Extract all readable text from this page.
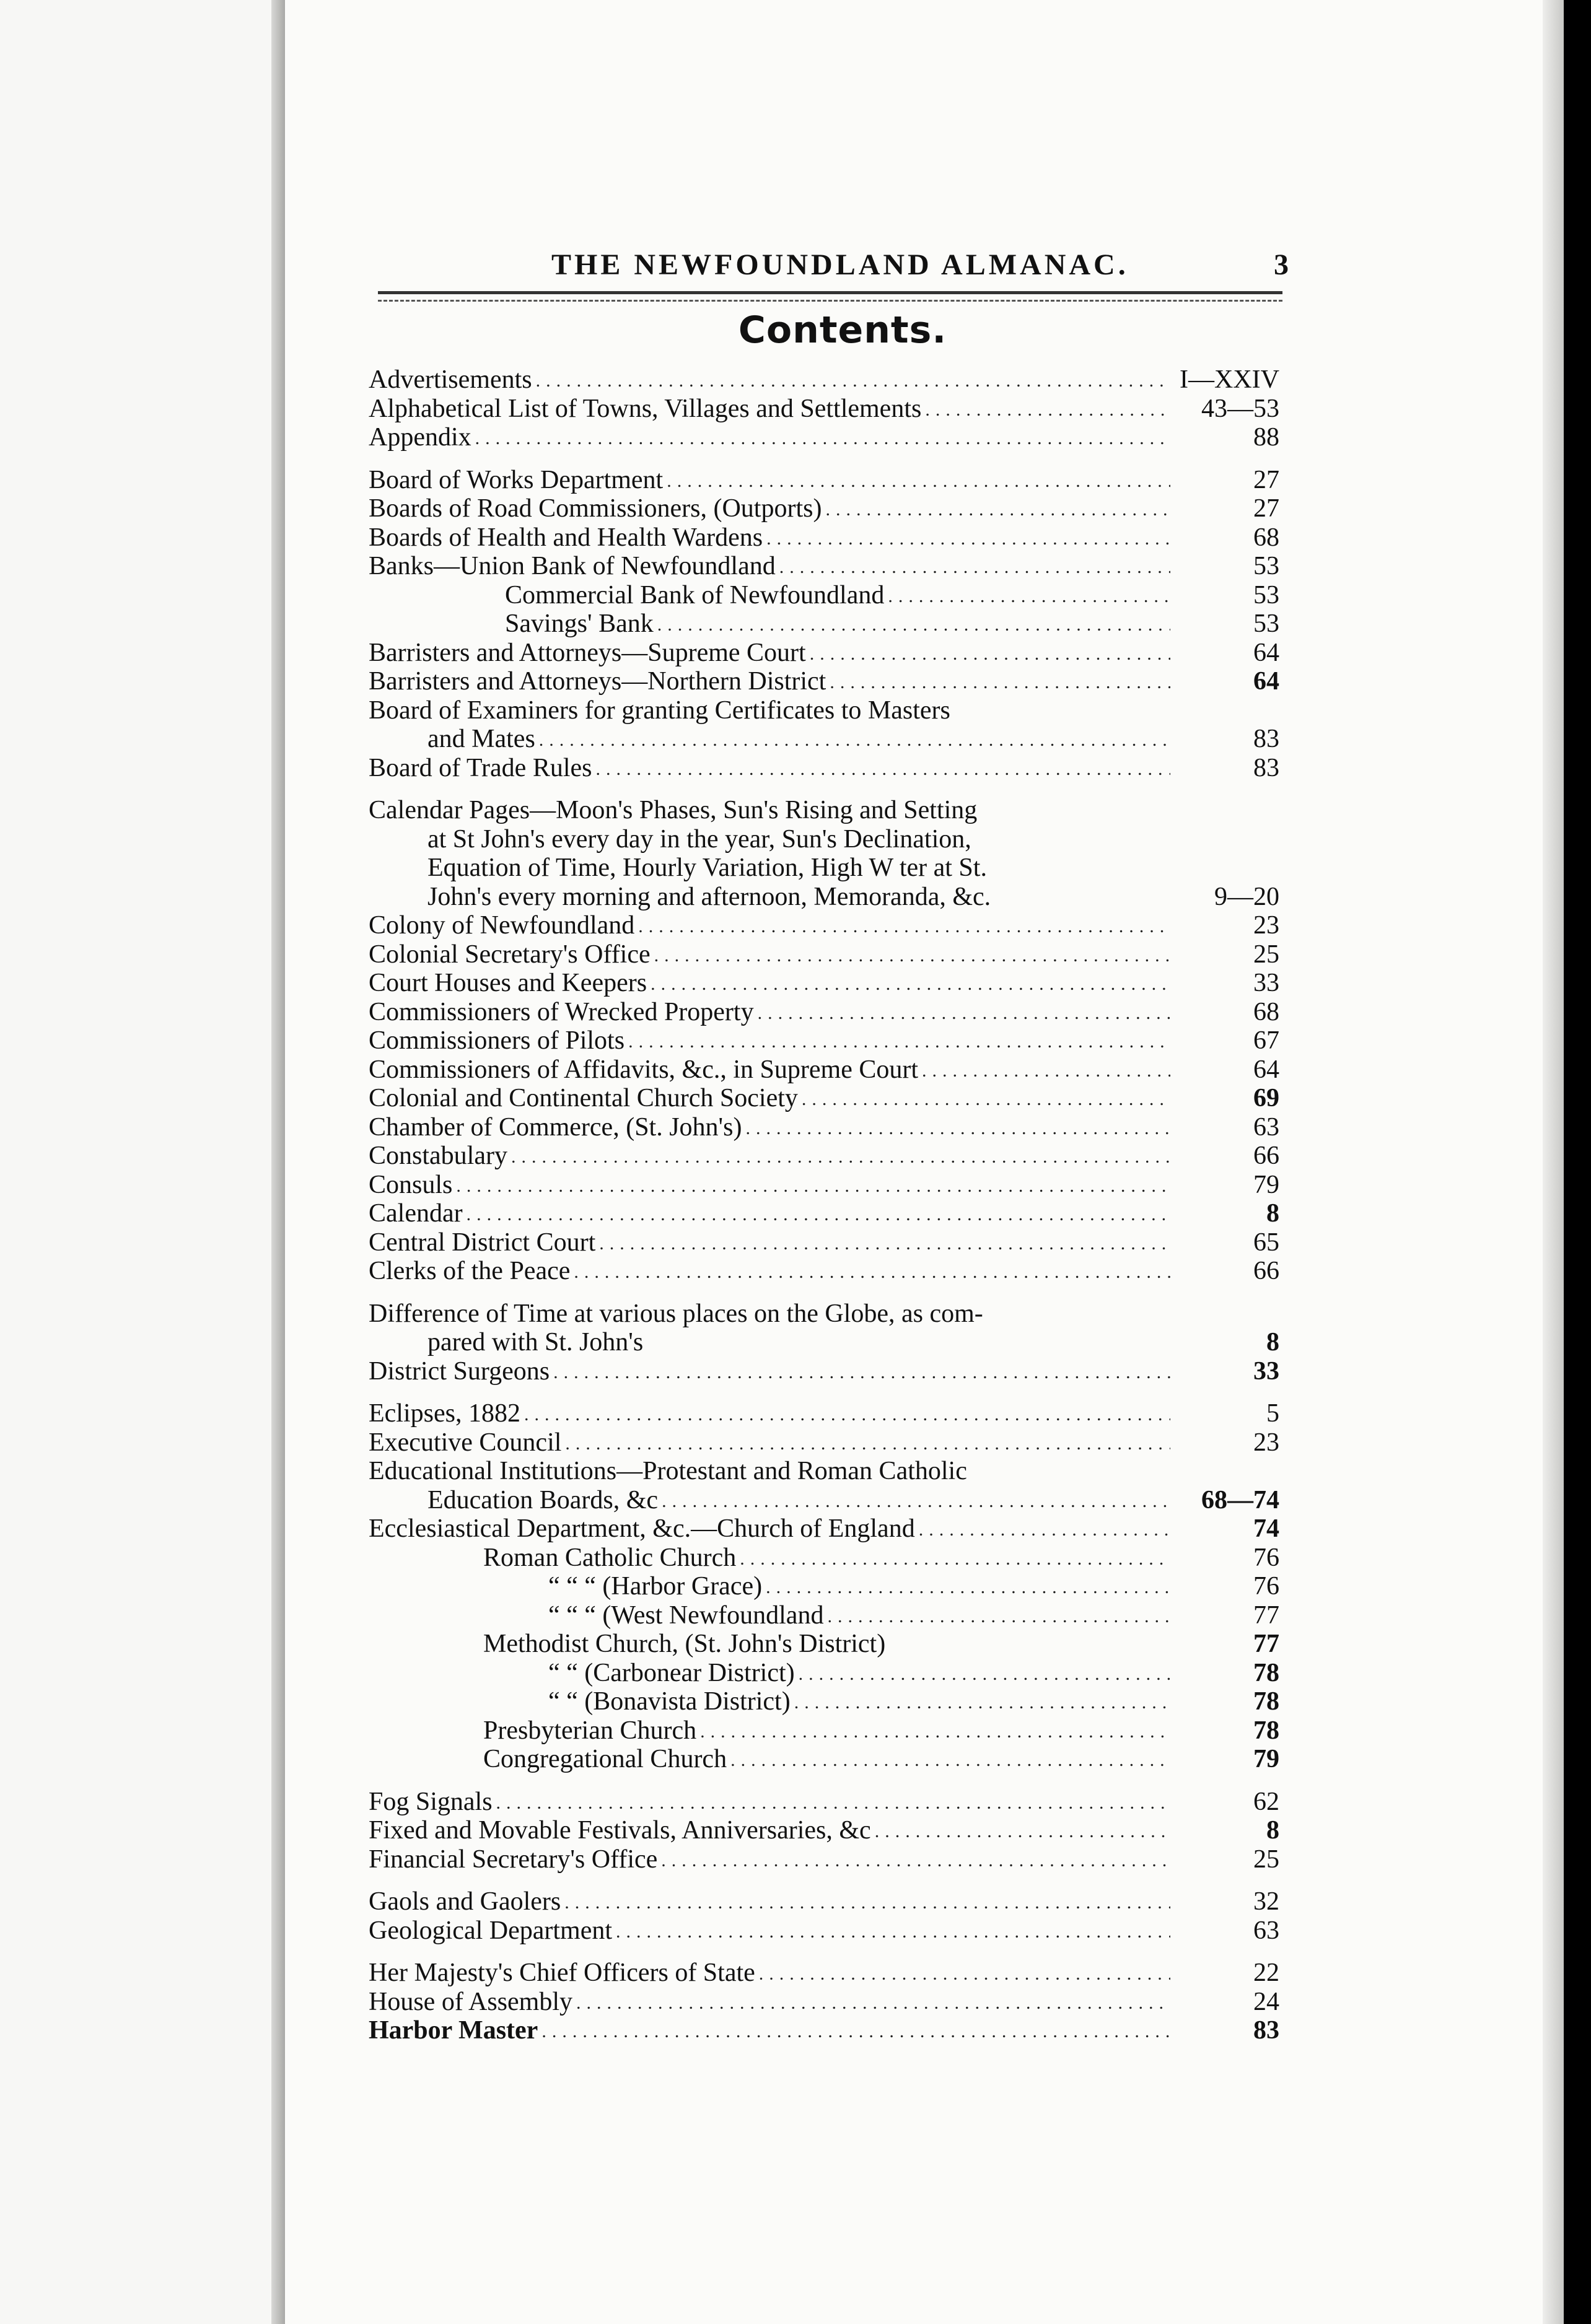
THE NEWFOUNDLAND ALMANAC.	3
Contents.
Advertisements .....	I—XXIV
Alphabetical List of Towns, Villages and Settlements .....	43—53
Appendix .....	88
Board of Works Department .....	27
Boards of Road Commissioners, (Outports) .....	27
Boards of Health and Health Wardens .....	68
Banks—Union Bank of Newfoundland .....	53
Commercial Bank of Newfoundland .....	53
Savings' Bank .....	53
Barristers and Attorneys—Supreme Court .....	64
Barristers and Attorneys—Northern District .....	64
Board of Examiners for granting Certificates to Masters
and Mates .....	83
Board of Trade Rules .....	83
Calendar Pages—Moon's Phases, Sun's Rising and Setting
at St John's every day in the year, Sun's Declination,
Equation of Time, Hourly Variation, High W ter at St.
John's every morning and afternoon, Memoranda, &c.	9—20
Colony of Newfoundland .....	23
Colonial Secretary's Office .....	25
Court Houses and Keepers .....	33
Commissioners of Wrecked Property .....	68
Commissioners of Pilots .....	67
Commissioners of Affidavits, &c., in Supreme Court .....	64
Colonial and Continental Church Society .....	69
Chamber of Commerce, (St. John's) .....	63
Constabulary .....	66
Consuls .....	79
Calendar .....	8
Central District Court .....	65
Clerks of the Peace .....	66
Difference of Time at various places on the Globe, as com-
pared with St. John's	8
District Surgeons .....	33
Eclipses, 1882 .....	5
Executive Council .....	23
Educational Institutions—Protestant and Roman Catholic
Education Boards, &c .....	68—74
Ecclesiastical Department, &c.—Church of England .....	74
Roman Catholic Church .....	76
“ “ “ (Harbor Grace) .....	76
“ “ “ (West Newfoundland .....	77
Methodist Church, (St. John's District)	77
“ “ (Carbonear District) .....	78
“ “ (Bonavista District) .....	78
Presbyterian Church .....	78
Congregational Church .....	79
Fog Signals .....	62
Fixed and Movable Festivals, Anniversaries, &c .....	8
Financial Secretary's Office .....	25
Gaols and Gaolers .....	32
Geological Department .....	63
Her Majesty's Chief Officers of State .....	22
House of Assembly .....	24
Harbor Master .....	83
